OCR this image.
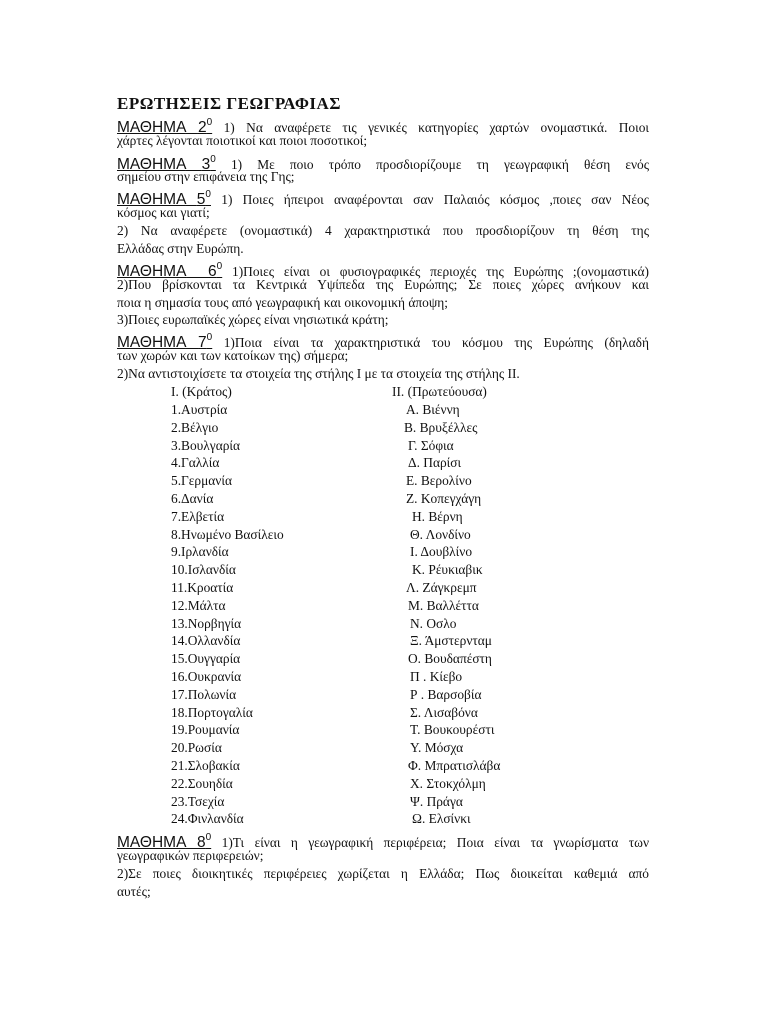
ΕΡΩΤΗΣΕΙΣ ΓΕΩΓΡΑΦΙΑΣ
ΜΑΘΗΜΑ $2^0$ 1) Να αναφέρετε τις γενικές κατηγορίες χαρτών ονομαστικά. Ποιοι
χάρτες λέγονται ποιοτικοί και ποιοι ποσοτικοί;
ΜΑΘΗΜΑ $3^0$ 1) Με ποιο τρόπο προσδιορίζουμε τη γεωγραφική θέση ενός
σημείου στην επιφάνεια της Γης;
ΜΑΘΗΜΑ $5^0$ 1) Ποιες ήπειροι αναφέρονται σαν Παλαιός κόσμος ,ποιες σαν Νέος
κόσμος και γιατί;
2) Να αναφέρετε (ονομαστικά) 4 χαρακτηριστικά που προσδιορίζουν τη θέση της
Ελλάδας στην Ευρώπη.
ΜΑΘΗΜΑ $6^0$ 1)Ποιες είναι οι φυσιογραφικές περιοχές της Ευρώπης ;(ονομαστικά)
2)Που βρίσκονται τα Κεντρικά Υψίπεδα της Ευρώπης; Σε ποιες χώρες ανήκουν και
ποια η σημασία τους από γεωγραφική και οικονομική άποψη;
3)Ποιες ευρωπαϊκές χώρες είναι νησιωτικά κράτη;
ΜΑΘΗΜΑ $7^0$ 1)Ποια είναι τα χαρακτηριστικά του κόσμου της Ευρώπης (δηλαδή
των χωρών και των κατοίκων της) σήμερα;
2)Να αντιστοιχίσετε τα στοιχεία της στήλης Ι με τα στοιχεία της στήλης ΙΙ.
Ι. (Κράτος)	ΙΙ. (Πρωτεύουσα)
ΜΑΘΗΜΑ $8^0$ 1)Τι είναι η γεωγραφική περιφέρεια; Ποια είναι τα γνωρίσματα των
γεωγραφικών περιφερειών;
2)Σε ποιες διοικητικές περιφέρειες χωρίζεται η Ελλάδα; Πως διοικείται καθεμιά από
αυτές;
1.Αυστρία
2.Βέλγιο
3.Βουλγαρία
4.Γαλλία
5.Γερμανία
6.Δανία
7.Ελβετία
8.Ηνωμένο Βασίλειο
9.Ιρλανδία
10.Ισλανδία
11.Κροατία
12.Μάλτα
13.Νορβηγία
14.Ολλανδία
15.Ουγγαρία
16.Ουκρανία
17.Πολωνία
18.Πορτογαλία
19.Ρουμανία
20.Ρωσία
21.Σλοβακία
22.Σουηδία
23.Τσεχία
24.Φινλανδία
Α. Βιέννη
Β. Βρυξέλλες
Γ. Σόφια
Δ. Παρίσι
Ε. Βερολίνο
Ζ. Κοπεγχάγη
Η. Βέρνη
Θ. Λονδίνο
Ι. Δουβλίνο
Κ. Ρέυκιαβικ
Λ. Ζάγκρεμπ
Μ. Βαλλέττα
Ν. Οσλο
Ξ. Άμστερνταμ
Ο. Βουδαπέστη
Π . Κίεβο
Ρ . Βαρσοβία
Σ. Λισαβόνα
Τ. Βουκουρέστι
Υ. Μόσχα
Φ. Μπρατισλάβα
Χ. Στοκχόλμη
Ψ. Πράγα
Ω. Ελσίνκι
